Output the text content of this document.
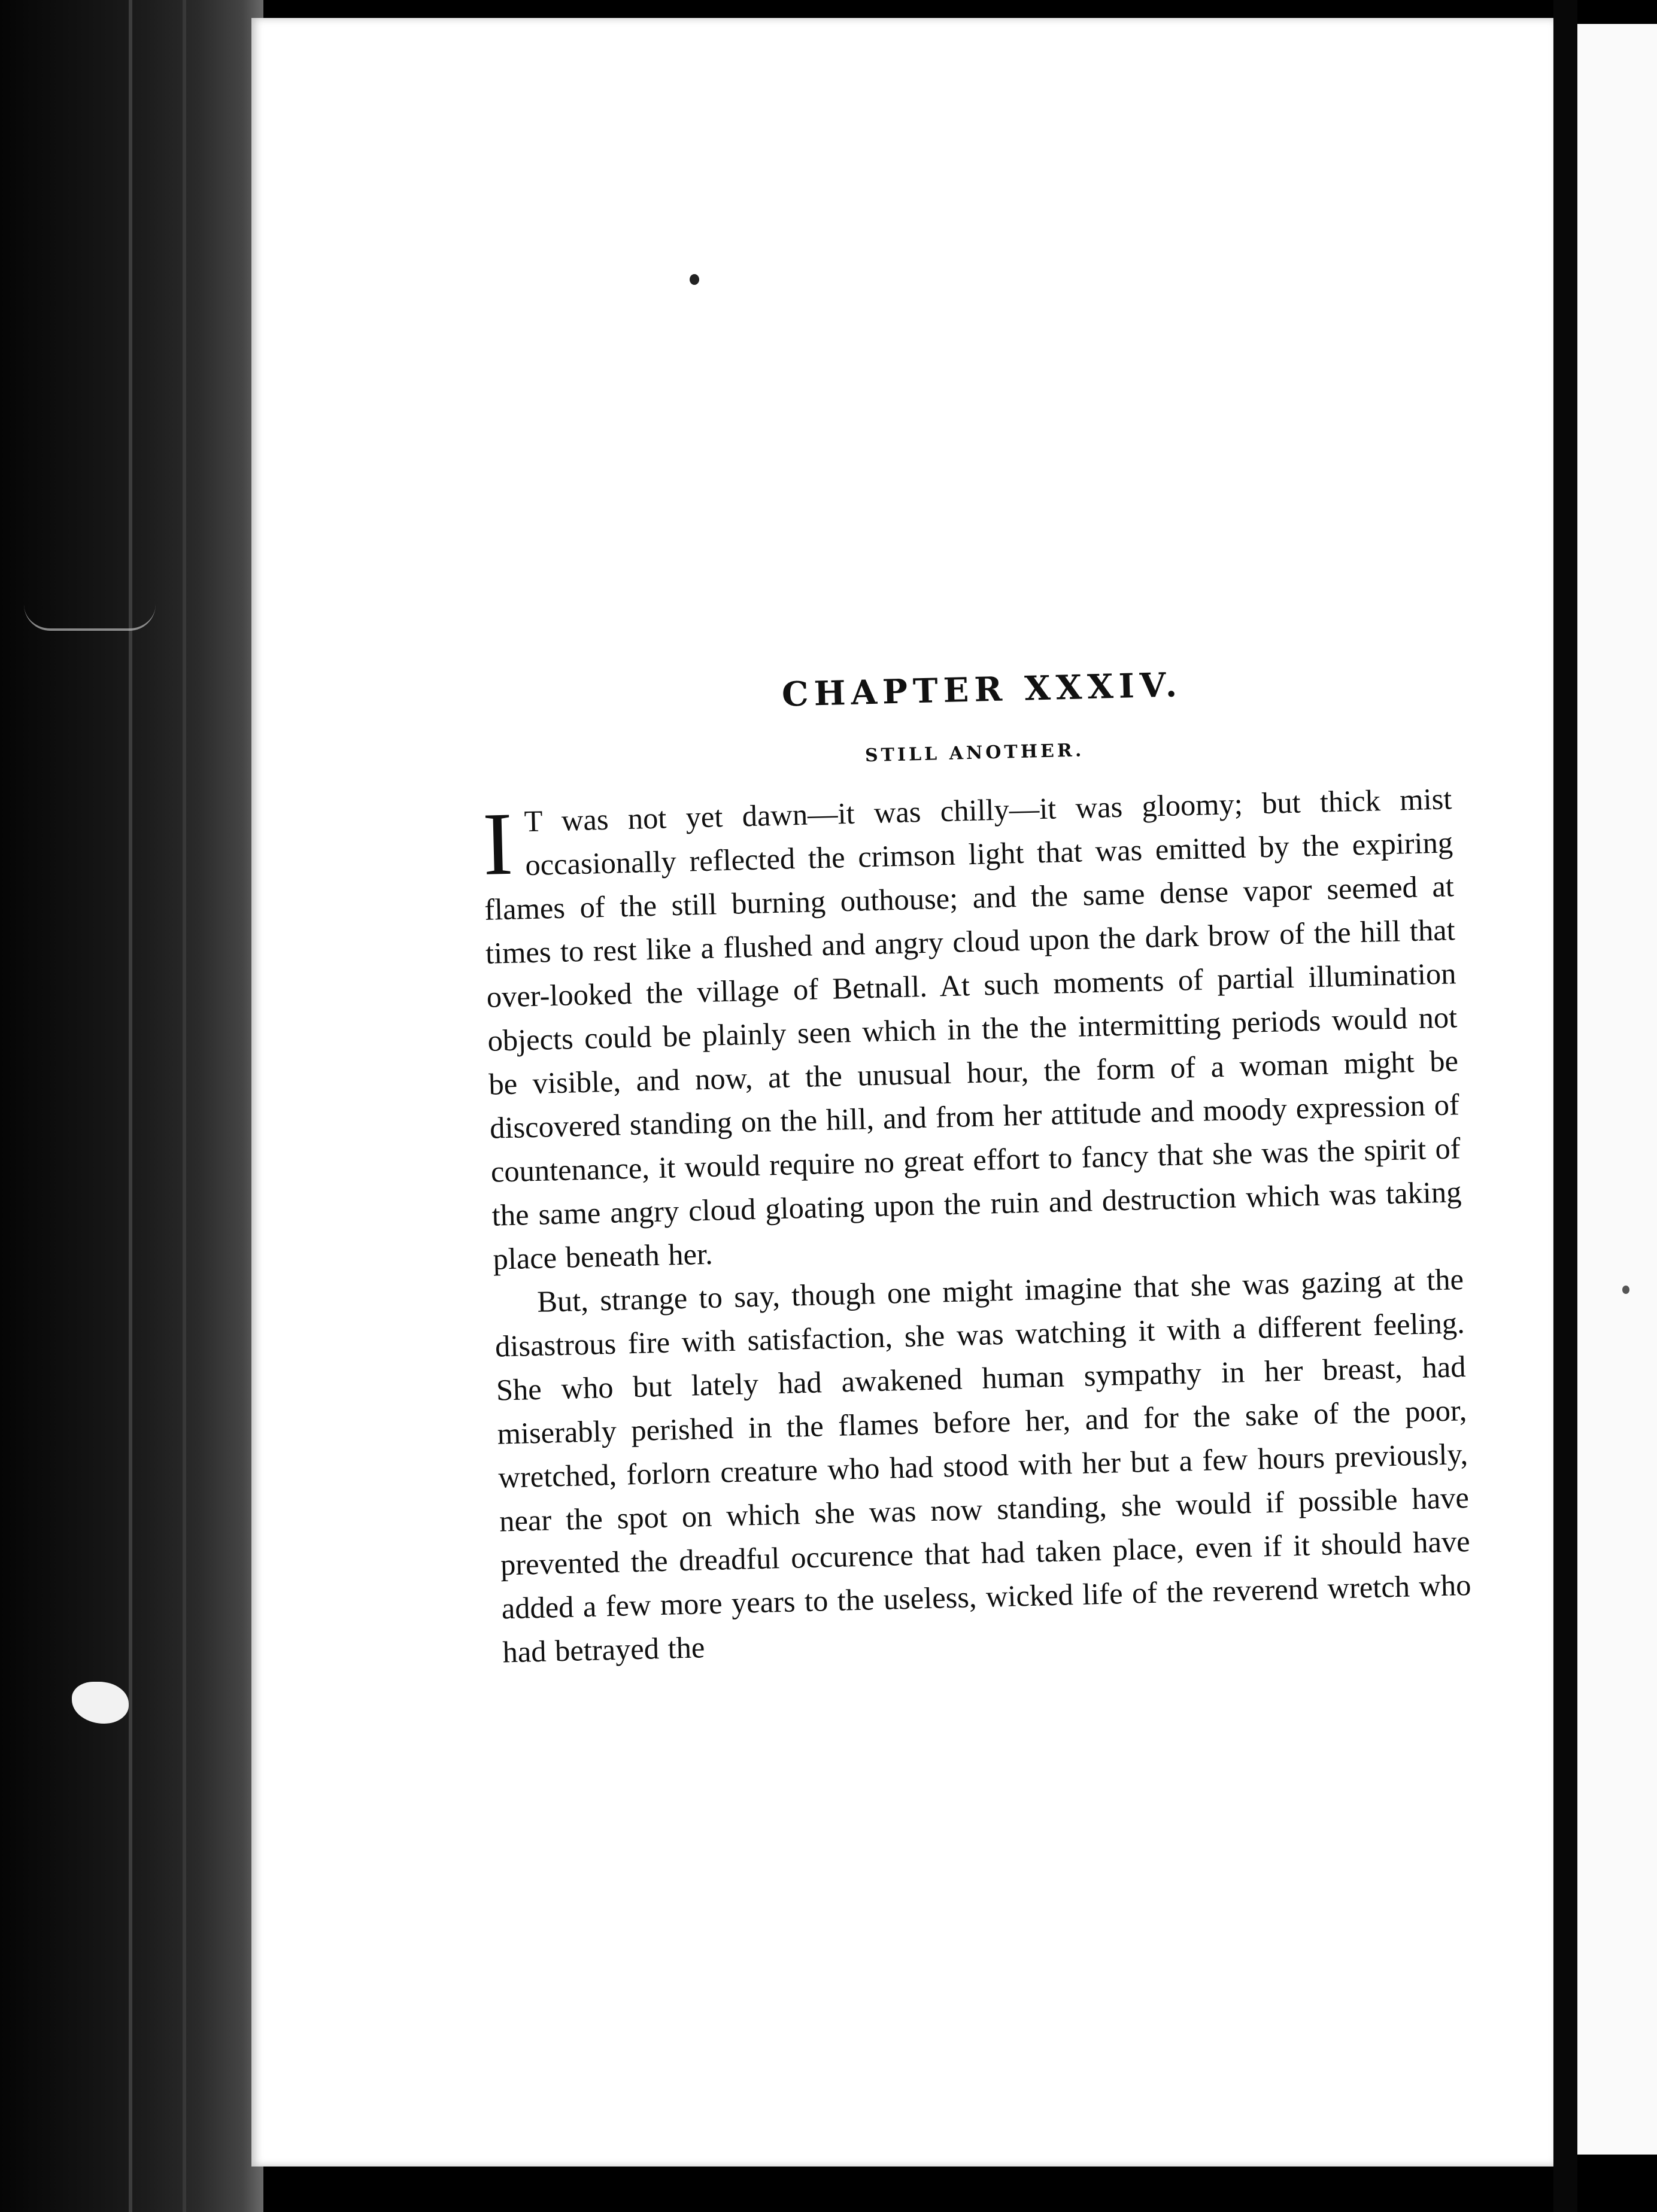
CHAPTER XXXIV.
STILL ANOTHER.

I T was not yet dawn—it was chilly—it was gloomy; but thick mist occasionally reflected the crimson light that was emitted by the expiring flames of the still burning outhouse; and the same dense vapor seemed at times to rest like a flushed and angry cloud upon the dark brow of the hill that over-looked the village of Betnall. At such moments of partial illumination objects could be plainly seen which in the the intermitting periods would not be visible, and now, at the unusual hour, the form of a woman might be discovered standing on the hill, and from her attitude and moody expression of countenance, it would require no great effort to fancy that she was the spirit of the same angry cloud gloating upon the ruin and destruction which was taking place beneath her.

But, strange to say, though one might imagine that she was gazing at the disastrous fire with satisfaction, she was watching it with a different feeling. She who but lately had awakened human sympathy in her breast, had miserably perished in the flames before her, and for the sake of the poor, wretched, forlorn creature who had stood with her but a few hours previously, near the spot on which she was now standing, she would if possible have prevented the dreadful occurence that had taken place, even if it should have added a few more years to the useless, wicked life of the reverend wretch who had betrayed the
